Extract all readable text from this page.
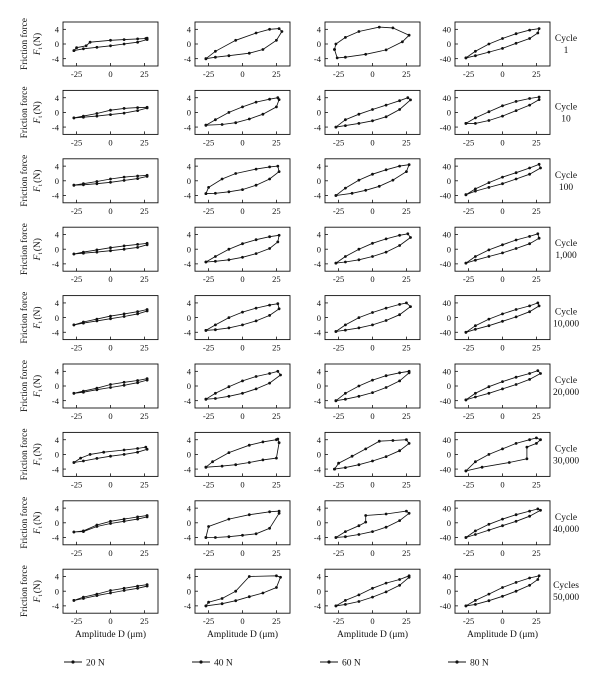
4
0
-4
-25	0	25
4
0
-4
-25	0	25
4
0
-4
-25	0	25
40
0
-40
-25	0	25
4
0
-4
-25	0	25
4
0
-4
-25	0	25
4
0
-4
-25	0	25
40
0
-40
-25	0	25
4
0
-4
-25	0	25
4
0
-4
-25	0	25
4
0
-4
-25	0	25
40
0
-40
-25	0	25
4
0
-4
-25	0	25
4
0
-4
-25	0	25
4
0
-4
-25	0	25
40
0
-40
-25	0	25
4
0
-4
-25	0	25
4
0
-4
-25	0	25
4
0
-4
-25	0	25
40
0
-40
-25	0	25
4
0
-4
-25	0	25
4
0
-4
-25	0	25
4
0
-4
-25	0	25
40
0
-40
-25	0	25
4
0
-4
-25	0	25
4
0
-4
-25	0	25
4
0
-4
-25	0	25
40
0
-40
-25	0	25
4
0
-4
-25	0	25
4
0
-4
-25	0	25
4
0
-4
-25	0	25
40
0
-40
-25	0	25
4
0
-4
-25	0	25
4
0
-4
-25	0	25
4
0
-4
-25	0	25
40
0
-40
-25	0	25
Friction force $F_t(N)$	Cycle
1
Friction force $F_t(N)$	Cycle
10
Friction force $F_t(N)$	Cycle
100
Friction force $F_t(N)$	Cycle
1,000
Friction force $F_t(N)$	Cycle
10,000
Friction force $F_t(N)$	Cycle
20,000
Friction force $F_t(N)$	Cycle
30,000
Friction force $F_t(N)$	Cycle
40,000
Friction force $F_t(N)$	Cycles
50,000
Amplitude D (μm)	Amplitude D (μm)	Amplitude D (μm)	Amplitude D (μm)
20 N	40 N	60 N	80 N
